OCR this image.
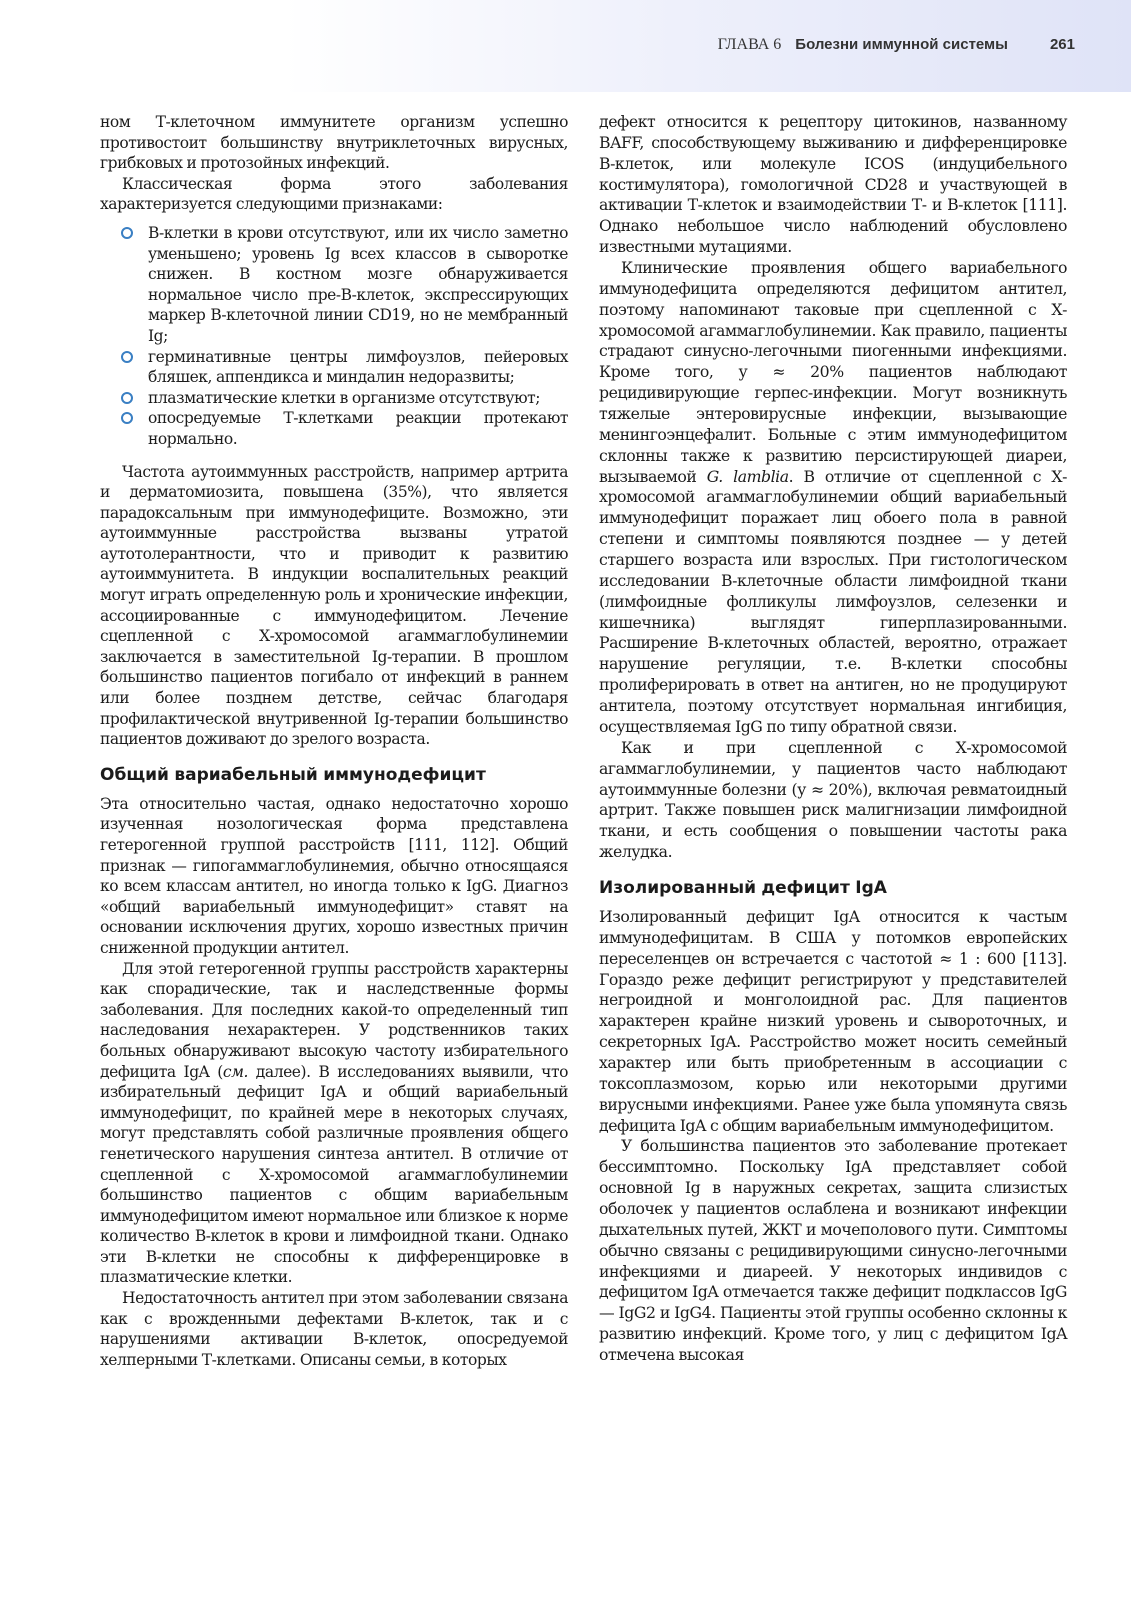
ГЛАВА 6 Болезни иммунной системы	261

ном Т-клеточном иммунитете организм успешно противостоит большинству внутриклеточных вирусных, грибковых и протозойных инфекций.

Классическая форма этого заболевания характеризуется следующими признаками:

В-клетки в крови отсутствуют, или их число заметно уменьшено; уровень Ig всех классов в сыворотке снижен. В костном мозге обнаруживается нормальное число пре-В-клеток, экспрессирующих маркер В-клеточной линии CD19, но не мембранный Ig;
герминативные центры лимфоузлов, пейеровых бляшек, аппендикса и миндалин недоразвиты;
плазматические клетки в организме отсутствуют;
опосредуемые Т-клетками реакции протекают нормально.

Частота аутоиммунных расстройств, например артрита и дерматомиозита, повышена (35%), что является парадоксальным при иммунодефиците. Возможно, эти аутоиммунные расстройства вызваны утратой аутотолерантности, что и приводит к развитию аутоиммунитета. В индукции воспалительных реакций могут играть определенную роль и хронические инфекции, ассоциированные с иммунодефицитом. Лечение сцепленной с Х-хромосомой агаммаглобулинемии заключается в заместительной Ig-терапии. В прошлом большинство пациентов погибало от инфекций в раннем или более позднем детстве, сейчас благодаря профилактической внутривенной Ig-терапии большинство пациентов доживают до зрелого возраста.

Общий вариабельный иммунодефицит

Эта относительно частая, однако недостаточно хорошо изученная нозологическая форма представлена гетерогенной группой расстройств [111, 112]. Общий признак — гипогаммаглобулинемия, обычно относящаяся ко всем классам антител, но иногда только к IgG. Диагноз «общий вариабельный иммунодефицит» ставят на основании исключения других, хорошо известных причин сниженной продукции антител.

Для этой гетерогенной группы расстройств характерны как спорадические, так и наследственные формы заболевания. Для последних какой-то определенный тип наследования нехарактерен. У родственников таких больных обнаруживают высокую частоту избирательного дефицита IgA (см. далее). В исследованиях выявили, что избирательный дефицит IgA и общий вариабельный иммунодефицит, по крайней мере в некоторых случаях, могут представлять собой различные проявления общего генетического нарушения синтеза антител. В отличие от сцепленной с Х-хромосомой агаммаглобулинемии большинство пациентов с общим вариабельным иммунодефицитом имеют нормальное или близкое к норме количество В-клеток в крови и лимфоидной ткани. Однако эти В-клетки не способны к дифференцировке в плазматические клетки.

Недостаточность антител при этом заболевании связана как с врожденными дефектами В-клеток, так и с нарушениями активации В-клеток, опосредуемой хелперными Т-клетками. Описаны семьи, в которых

дефект относится к рецептору цитокинов, названному BAFF, способствующему выживанию и дифференцировке В-клеток, или молекуле ICOS (индуцибельного костимулятора), гомологичной CD28 и участвующей в активации Т-клеток и взаимодействии Т- и В-клеток [111]. Однако небольшое число наблюдений обусловлено известными мутациями.

Клинические проявления общего вариабельного иммунодефицита определяются дефицитом антител, поэтому напоминают таковые при сцепленной с Х-хромосомой агаммаглобулинемии. Как правило, пациенты страдают синусно-легочными пиогенными инфекциями. Кроме того, у ≈ 20% пациентов наблюдают рецидивирующие герпес-инфекции. Могут возникнуть тяжелые энтеровирусные инфекции, вызывающие менингоэнцефалит. Больные с этим иммунодефицитом склонны также к развитию персистирующей диареи, вызываемой G. lamblia. В отличие от сцепленной с Х-хромосомой агаммаглобулинемии общий вариабельный иммунодефицит поражает лиц обоего пола в равной степени и симптомы появляются позднее — у детей старшего возраста или взрослых. При гистологическом исследовании В-клеточные области лимфоидной ткани (лимфоидные фолликулы лимфоузлов, селезенки и кишечника) выглядят гиперплазированными. Расширение В-клеточных областей, вероятно, отражает нарушение регуляции, т.е. В-клетки способны пролиферировать в ответ на антиген, но не продуцируют антитела, поэтому отсутствует нормальная ингибиция, осуществляемая IgG по типу обратной связи.

Как и при сцепленной с Х-хромосомой агаммаглобулинемии, у пациентов часто наблюдают аутоиммунные болезни (у ≈ 20%), включая ревматоидный артрит. Также повышен риск малигнизации лимфоидной ткани, и есть сообщения о повышении частоты рака желудка.

Изолированный дефицит IgA

Изолированный дефицит IgA относится к частым иммунодефицитам. В США у потомков европейских переселенцев он встречается с частотой ≈ 1 : 600 [113]. Гораздо реже дефицит регистрируют у представителей негроидной и монголоидной рас. Для пациентов характерен крайне низкий уровень и сывороточных, и секреторных IgA. Расстройство может носить семейный характер или быть приобретенным в ассоциации с токсоплазмозом, корью или некоторыми другими вирусными инфекциями. Ранее уже была упомянута связь дефицита IgA с общим вариабельным иммунодефицитом.

У большинства пациентов это заболевание протекает бессимптомно. Поскольку IgA представляет собой основной Ig в наружных секретах, защита слизистых оболочек у пациентов ослаблена и возникают инфекции дыхательных путей, ЖКТ и мочеполового пути. Симптомы обычно связаны с рецидивирующими синусно-легочными инфекциями и диареей. У некоторых индивидов с дефицитом IgA отмечается также дефицит подклассов IgG — IgG2 и IgG4. Пациенты этой группы особенно склонны к развитию инфекций. Кроме того, у лиц с дефицитом IgA отмечена высокая
